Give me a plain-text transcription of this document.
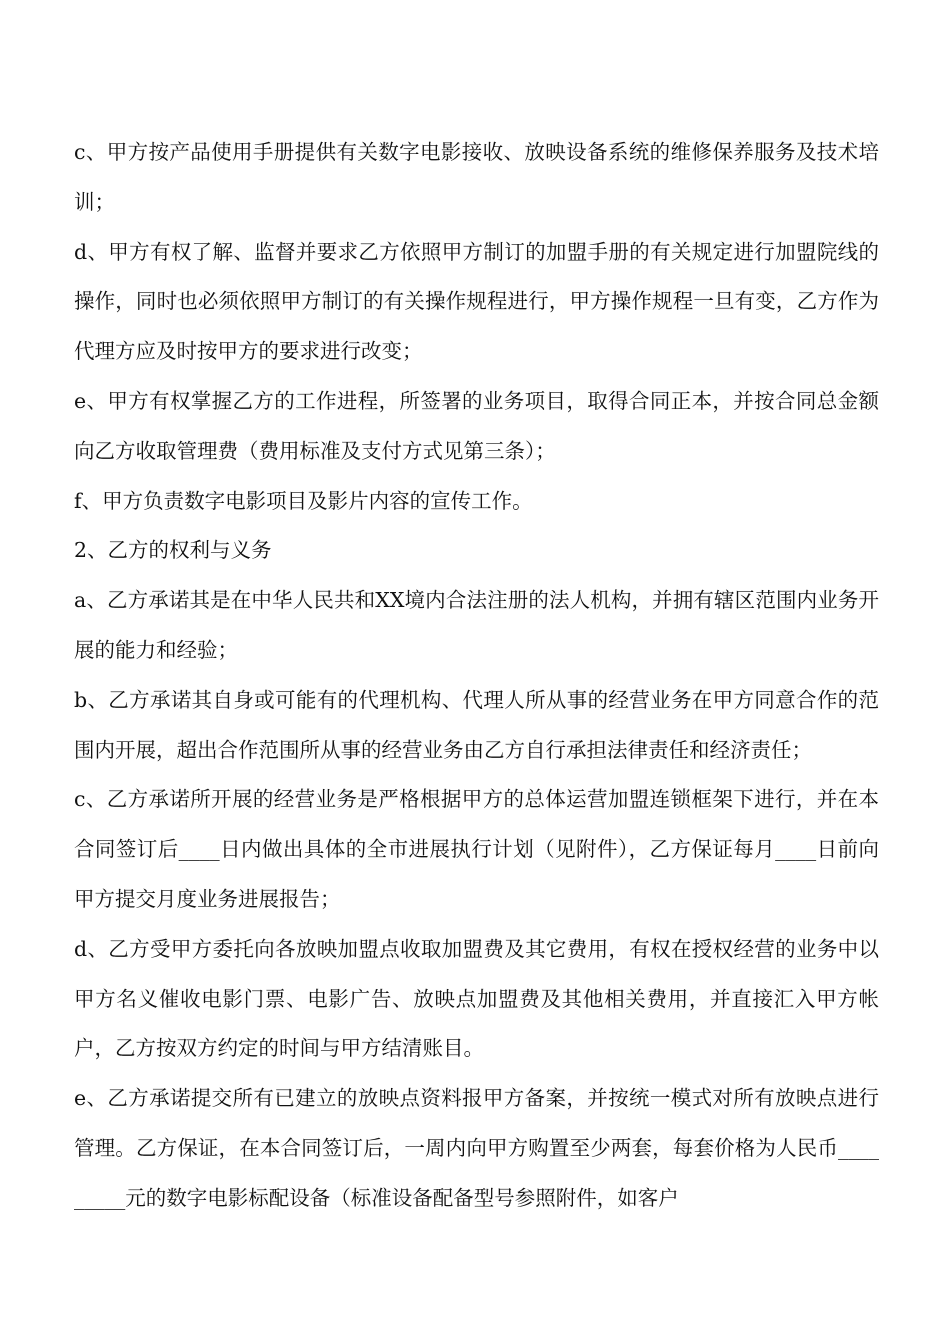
c、甲方按产品使用手册提供有关数字电影接收、放映设备系统的维修保养服务及技术培训；

d、甲方有权了解、监督并要求乙方依照甲方制订的加盟手册的有关规定进行加盟院线的操作，同时也必须依照甲方制订的有关操作规程进行，甲方操作规程一旦有变，乙方作为代理方应及时按甲方的要求进行改变；

e、甲方有权掌握乙方的工作进程，所签署的业务项目，取得合同正本，并按合同总金额向乙方收取管理费（费用标准及支付方式见第三条）；

f、甲方负责数字电影项目及影片内容的宣传工作。

2、乙方的权利与义务

a、乙方承诺其是在中华人民共和XX境内合法注册的法人机构，并拥有辖区范围内业务开展的能力和经验；

b、乙方承诺其自身或可能有的代理机构、代理人所从事的经营业务在甲方同意合作的范围内开展，超出合作范围所从事的经营业务由乙方自行承担法律责任和经济责任；

c、乙方承诺所开展的经营业务是严格根据甲方的总体运营加盟连锁框架下进行，并在本合同签订后____日内做出具体的全市进展执行计划（见附件），乙方保证每月____日前向甲方提交月度业务进展报告；

d、乙方受甲方委托向各放映加盟点收取加盟费及其它费用，有权在授权经营的业务中以甲方名义催收电影门票、电影广告、放映点加盟费及其他相关费用，并直接汇入甲方帐户，乙方按双方约定的时间与甲方结清账目。

e、乙方承诺提交所有已建立的放映点资料报甲方备案，并按统一模式对所有放映点进行管理。乙方保证，在本合同签订后，一周内向甲方购置至少两套，每套价格为人民币_________元的数字电影标配设备（标准设备配备型号参照附件，如客户
